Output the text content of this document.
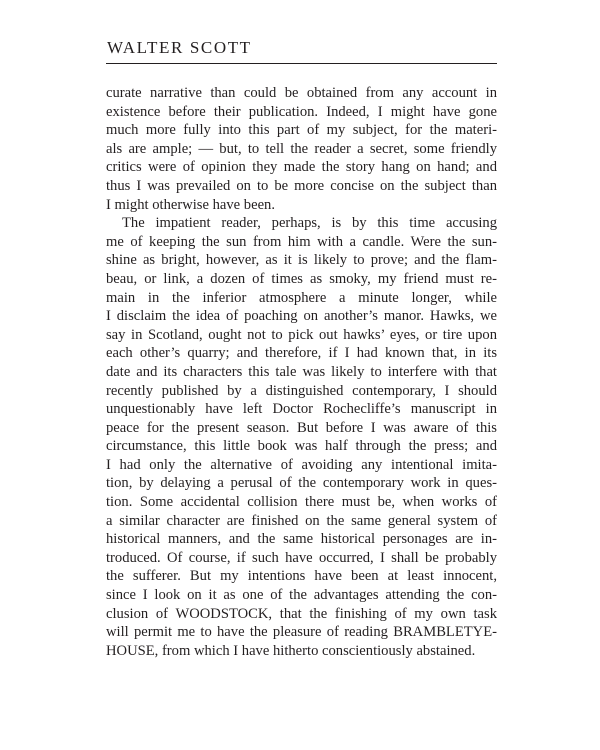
WALTER SCOTT
curate narrative than could be obtained from any account in
existence before their publication. Indeed, I might have gone
much more fully into this part of my subject, for the materi-
als are ample; — but, to tell the reader a secret, some friendly
critics were of opinion they made the story hang on hand; and
thus I was prevailed on to be more concise on the subject than
I might otherwise have been.
The impatient reader, perhaps, is by this time accusing
me of keeping the sun from him with a candle. Were the sun-
shine as bright, however, as it is likely to prove; and the flam-
beau, or link, a dozen of times as smoky, my friend must re-
main in the inferior atmosphere a minute longer, while
I disclaim the idea of poaching on another’s manor. Hawks, we
say in Scotland, ought not to pick out hawks’ eyes, or tire upon
each other’s quarry; and therefore, if I had known that, in its
date and its characters this tale was likely to interfere with that
recently published by a distinguished contemporary, I should
unquestionably have left Doctor Rochecliffe’s manuscript in
peace for the present season. But before I was aware of this
circumstance, this little book was half through the press; and
I had only the alternative of avoiding any intentional imita-
tion, by delaying a perusal of the contemporary work in ques-
tion. Some accidental collision there must be, when works of
a similar character are finished on the same general system of
historical manners, and the same historical personages are in-
troduced. Of course, if such have occurred, I shall be probably
the sufferer. But my intentions have been at least innocent,
since I look on it as one of the advantages attending the con-
clusion of WOODSTOCK, that the finishing of my own task
will permit me to have the pleasure of reading BRAMBLETYE-
HOUSE, from which I have hitherto conscientiously abstained.
